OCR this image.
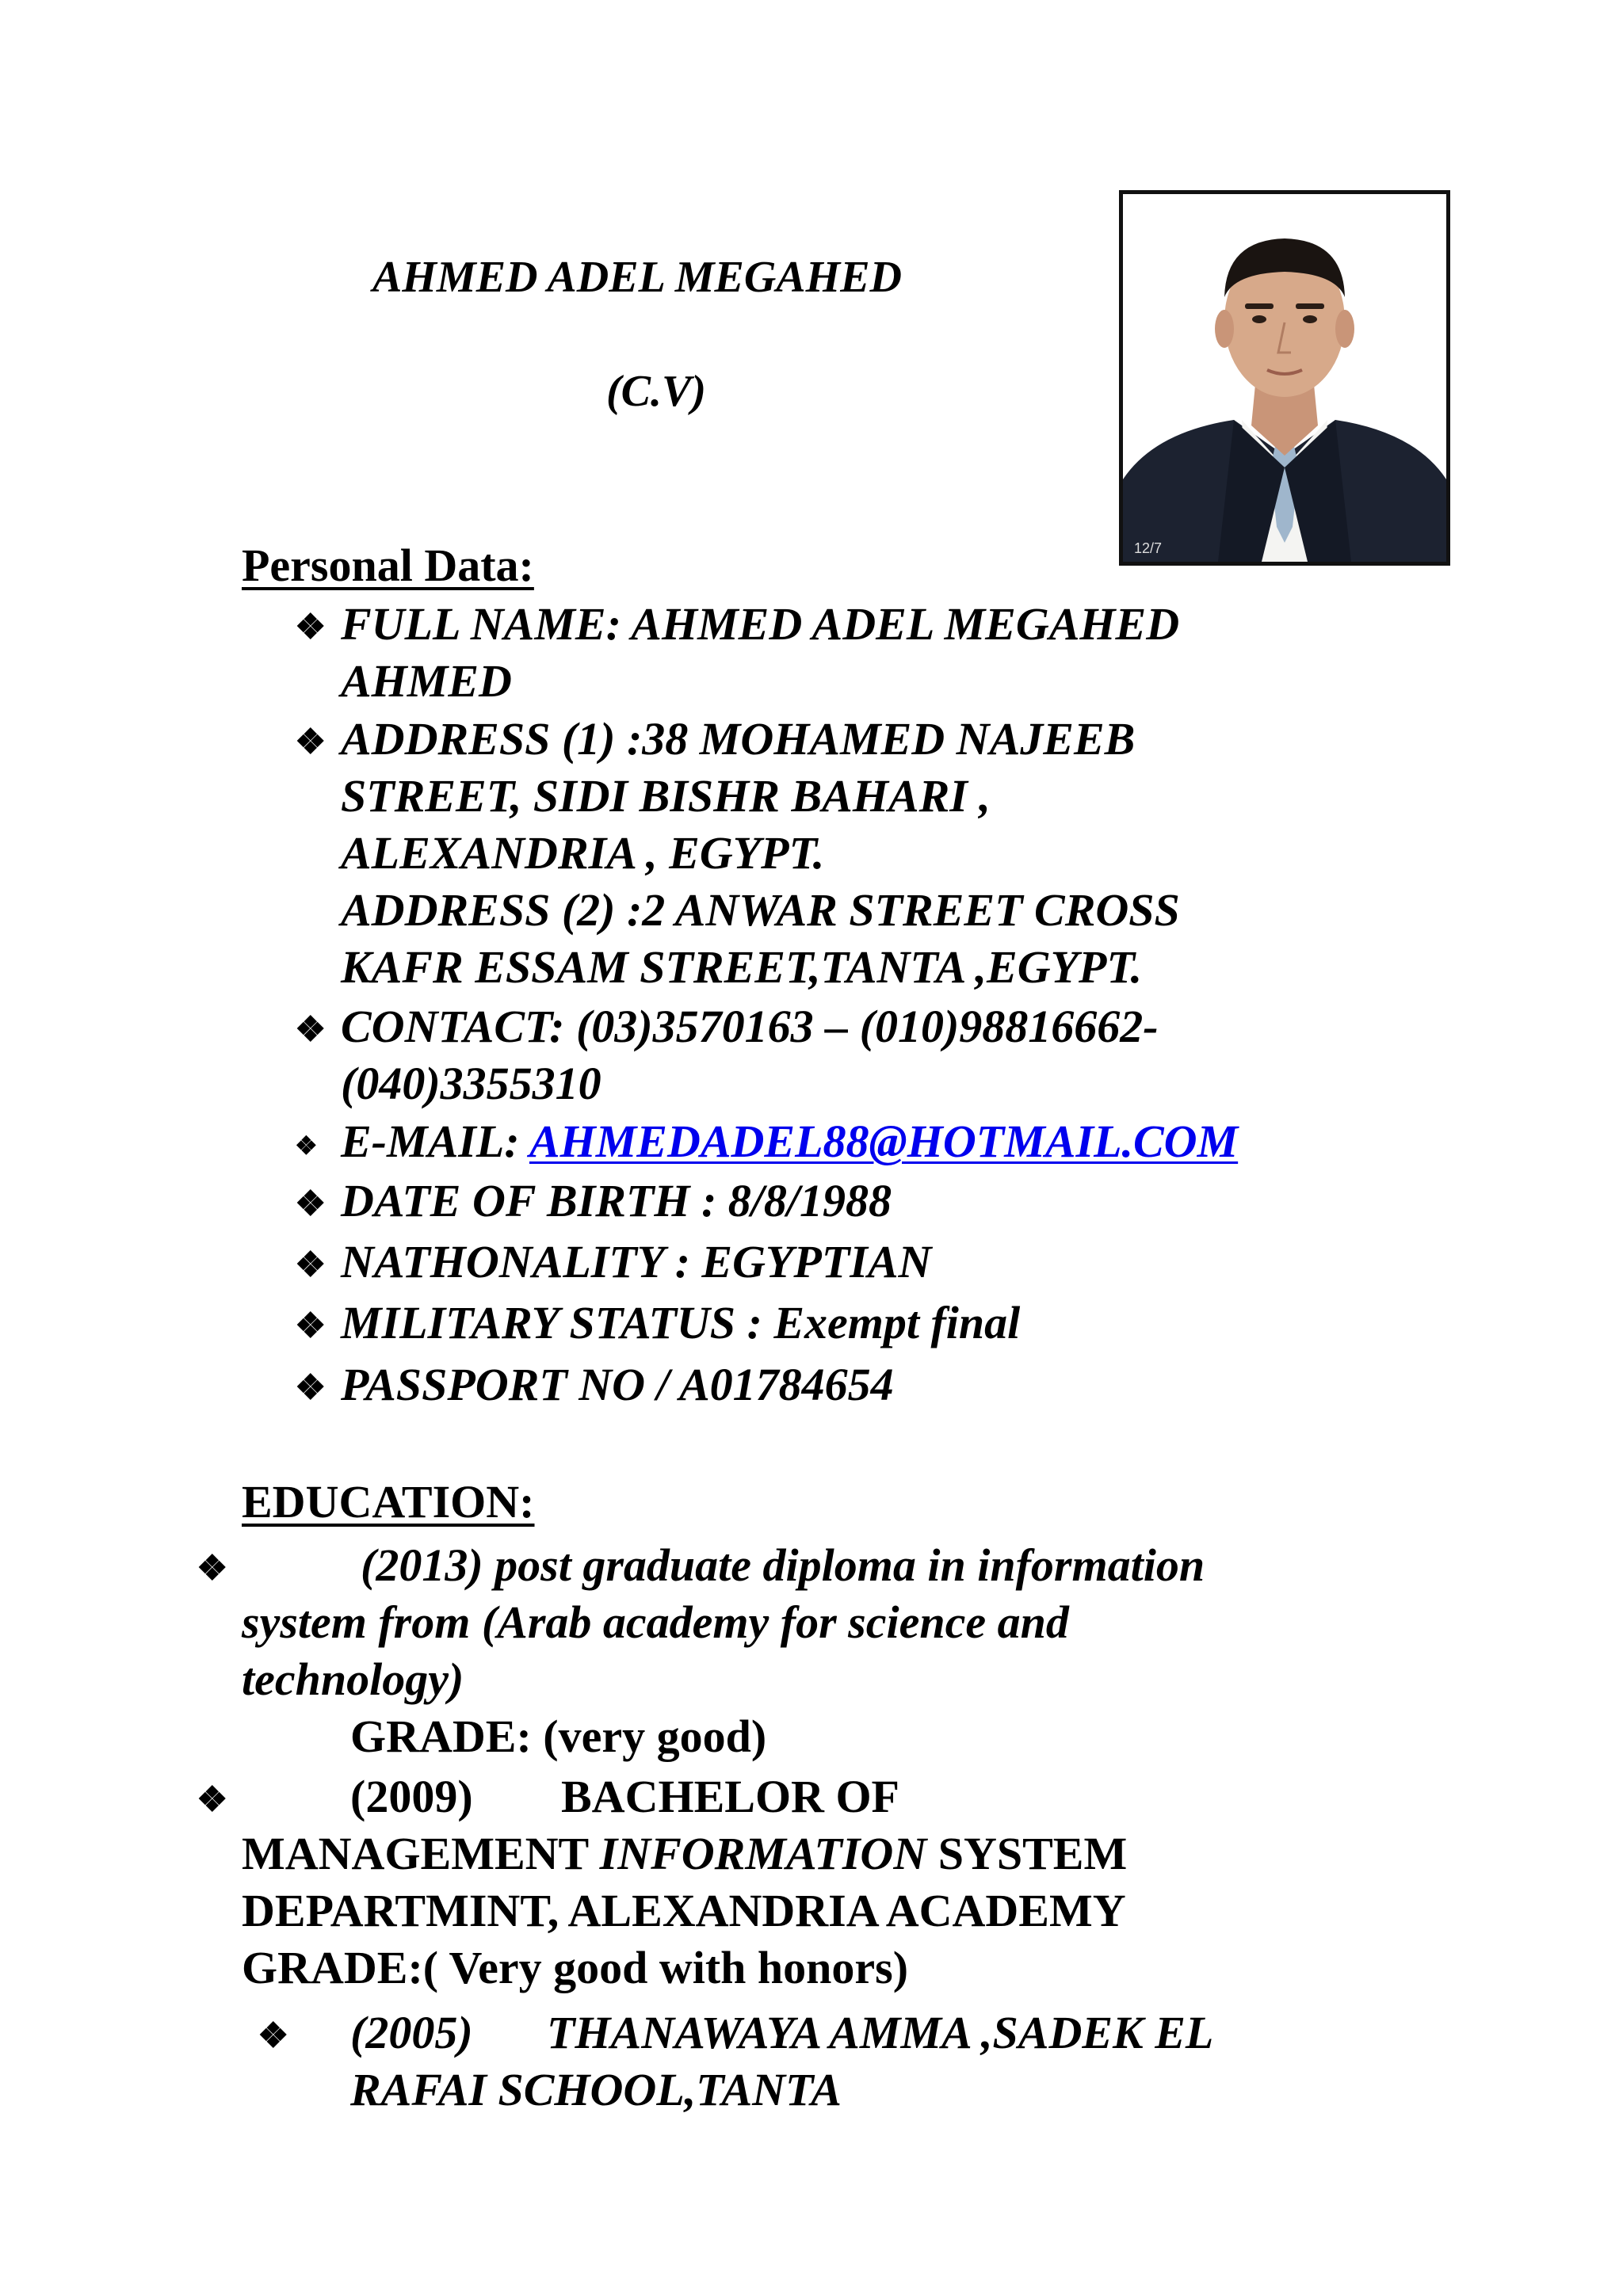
AHMED ADEL MEGAHED
(C.V)
12/7
Personal Data:
❖ FULL NAME: AHMED ADEL MEGAHED
AHMED
❖ ADDRESS (1) :38 MOHAMED NAJEEB
STREET, SIDI BISHR BAHARI ,
ALEXANDRIA , EGYPT.
ADDRESS (2) :2 ANWAR STREET CROSS
KAFR ESSAM STREET,TANTA ,EGYPT.
❖ CONTACT: (03)3570163 – (010)98816662-
(040)3355310
❖ E-MAIL: AHMEDADEL88@HOTMAIL.COM
❖ DATE OF BIRTH : 8/8/1988
❖ NATHONALITY : EGYPTIAN
❖ MILITARY STATUS : Exempt final
❖ PASSPORT NO / A01784654
EDUCATION:
❖	(2013) post graduate diploma in information
system from (Arab academy for science and
technology)
GRADE: (very good)
❖	(2009) BACHELOR OF
MANAGEMENT INFORMATION SYSTEM
DEPARTMINT, ALEXANDRIA ACADEMY
GRADE:( Very good with honors)
❖ (2005) THANAWAYA AMMA ,SADEK EL
RAFAI SCHOOL,TANTA
